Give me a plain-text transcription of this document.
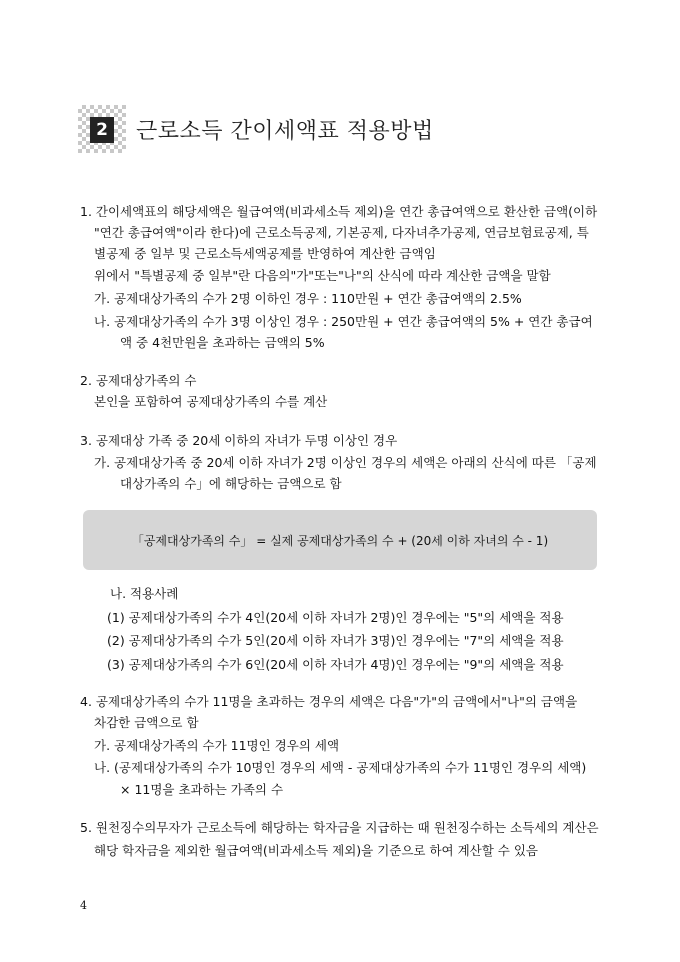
2 근로소득 간이세액표 적용방법
1. 간이세액표의 해당세액은 월급여액(비과세소득 제외)을 연간 총급여액으로 환산한 금액(이하
"연간 총급여액"이라 한다)에 근로소득공제, 기본공제, 다자녀추가공제, 연금보험료공제, 특
별공제 중 일부 및 근로소득세액공제를 반영하여 계산한 금액임
위에서 "특별공제 중 일부"란 다음의"가"또는"나"의 산식에 따라 계산한 금액을 말함
가. 공제대상가족의 수가 2명 이하인 경우 : 110만원 + 연간 총급여액의 2.5%
나. 공제대상가족의 수가 3명 이상인 경우 : 250만원 + 연간 총급여액의 5% + 연간 총급여
액 중 4천만원을 초과하는 금액의 5%
2. 공제대상가족의 수
본인을 포함하여 공제대상가족의 수를 계산
3. 공제대상 가족 중 20세 이하의 자녀가 두명 이상인 경우
가. 공제대상가족 중 20세 이하 자녀가 2명 이상인 경우의 세액은 아래의 산식에 따른 「공제
대상가족의 수」에 해당하는 금액으로 함
「공제대상가족의 수」 = 실제 공제대상가족의 수 + (20세 이하 자녀의 수 - 1)
나. 적용사례
(1) 공제대상가족의 수가 4인(20세 이하 자녀가 2명)인 경우에는 "5"의 세액을 적용
(2) 공제대상가족의 수가 5인(20세 이하 자녀가 3명)인 경우에는 "7"의 세액을 적용
(3) 공제대상가족의 수가 6인(20세 이하 자녀가 4명)인 경우에는 "9"의 세액을 적용
4. 공제대상가족의 수가 11명을 초과하는 경우의 세액은 다음"가"의 금액에서"나"의 금액을
차감한 금액으로 함
가. 공제대상가족의 수가 11명인 경우의 세액
나. (공제대상가족의 수가 10명인 경우의 세액 - 공제대상가족의 수가 11명인 경우의 세액)
× 11명을 초과하는 가족의 수
5. 원천징수의무자가 근로소득에 해당하는 학자금을 지급하는 때 원천징수하는 소득세의 계산은
해당 학자금을 제외한 월급여액(비과세소득 제외)을 기준으로 하여 계산할 수 있음
4
